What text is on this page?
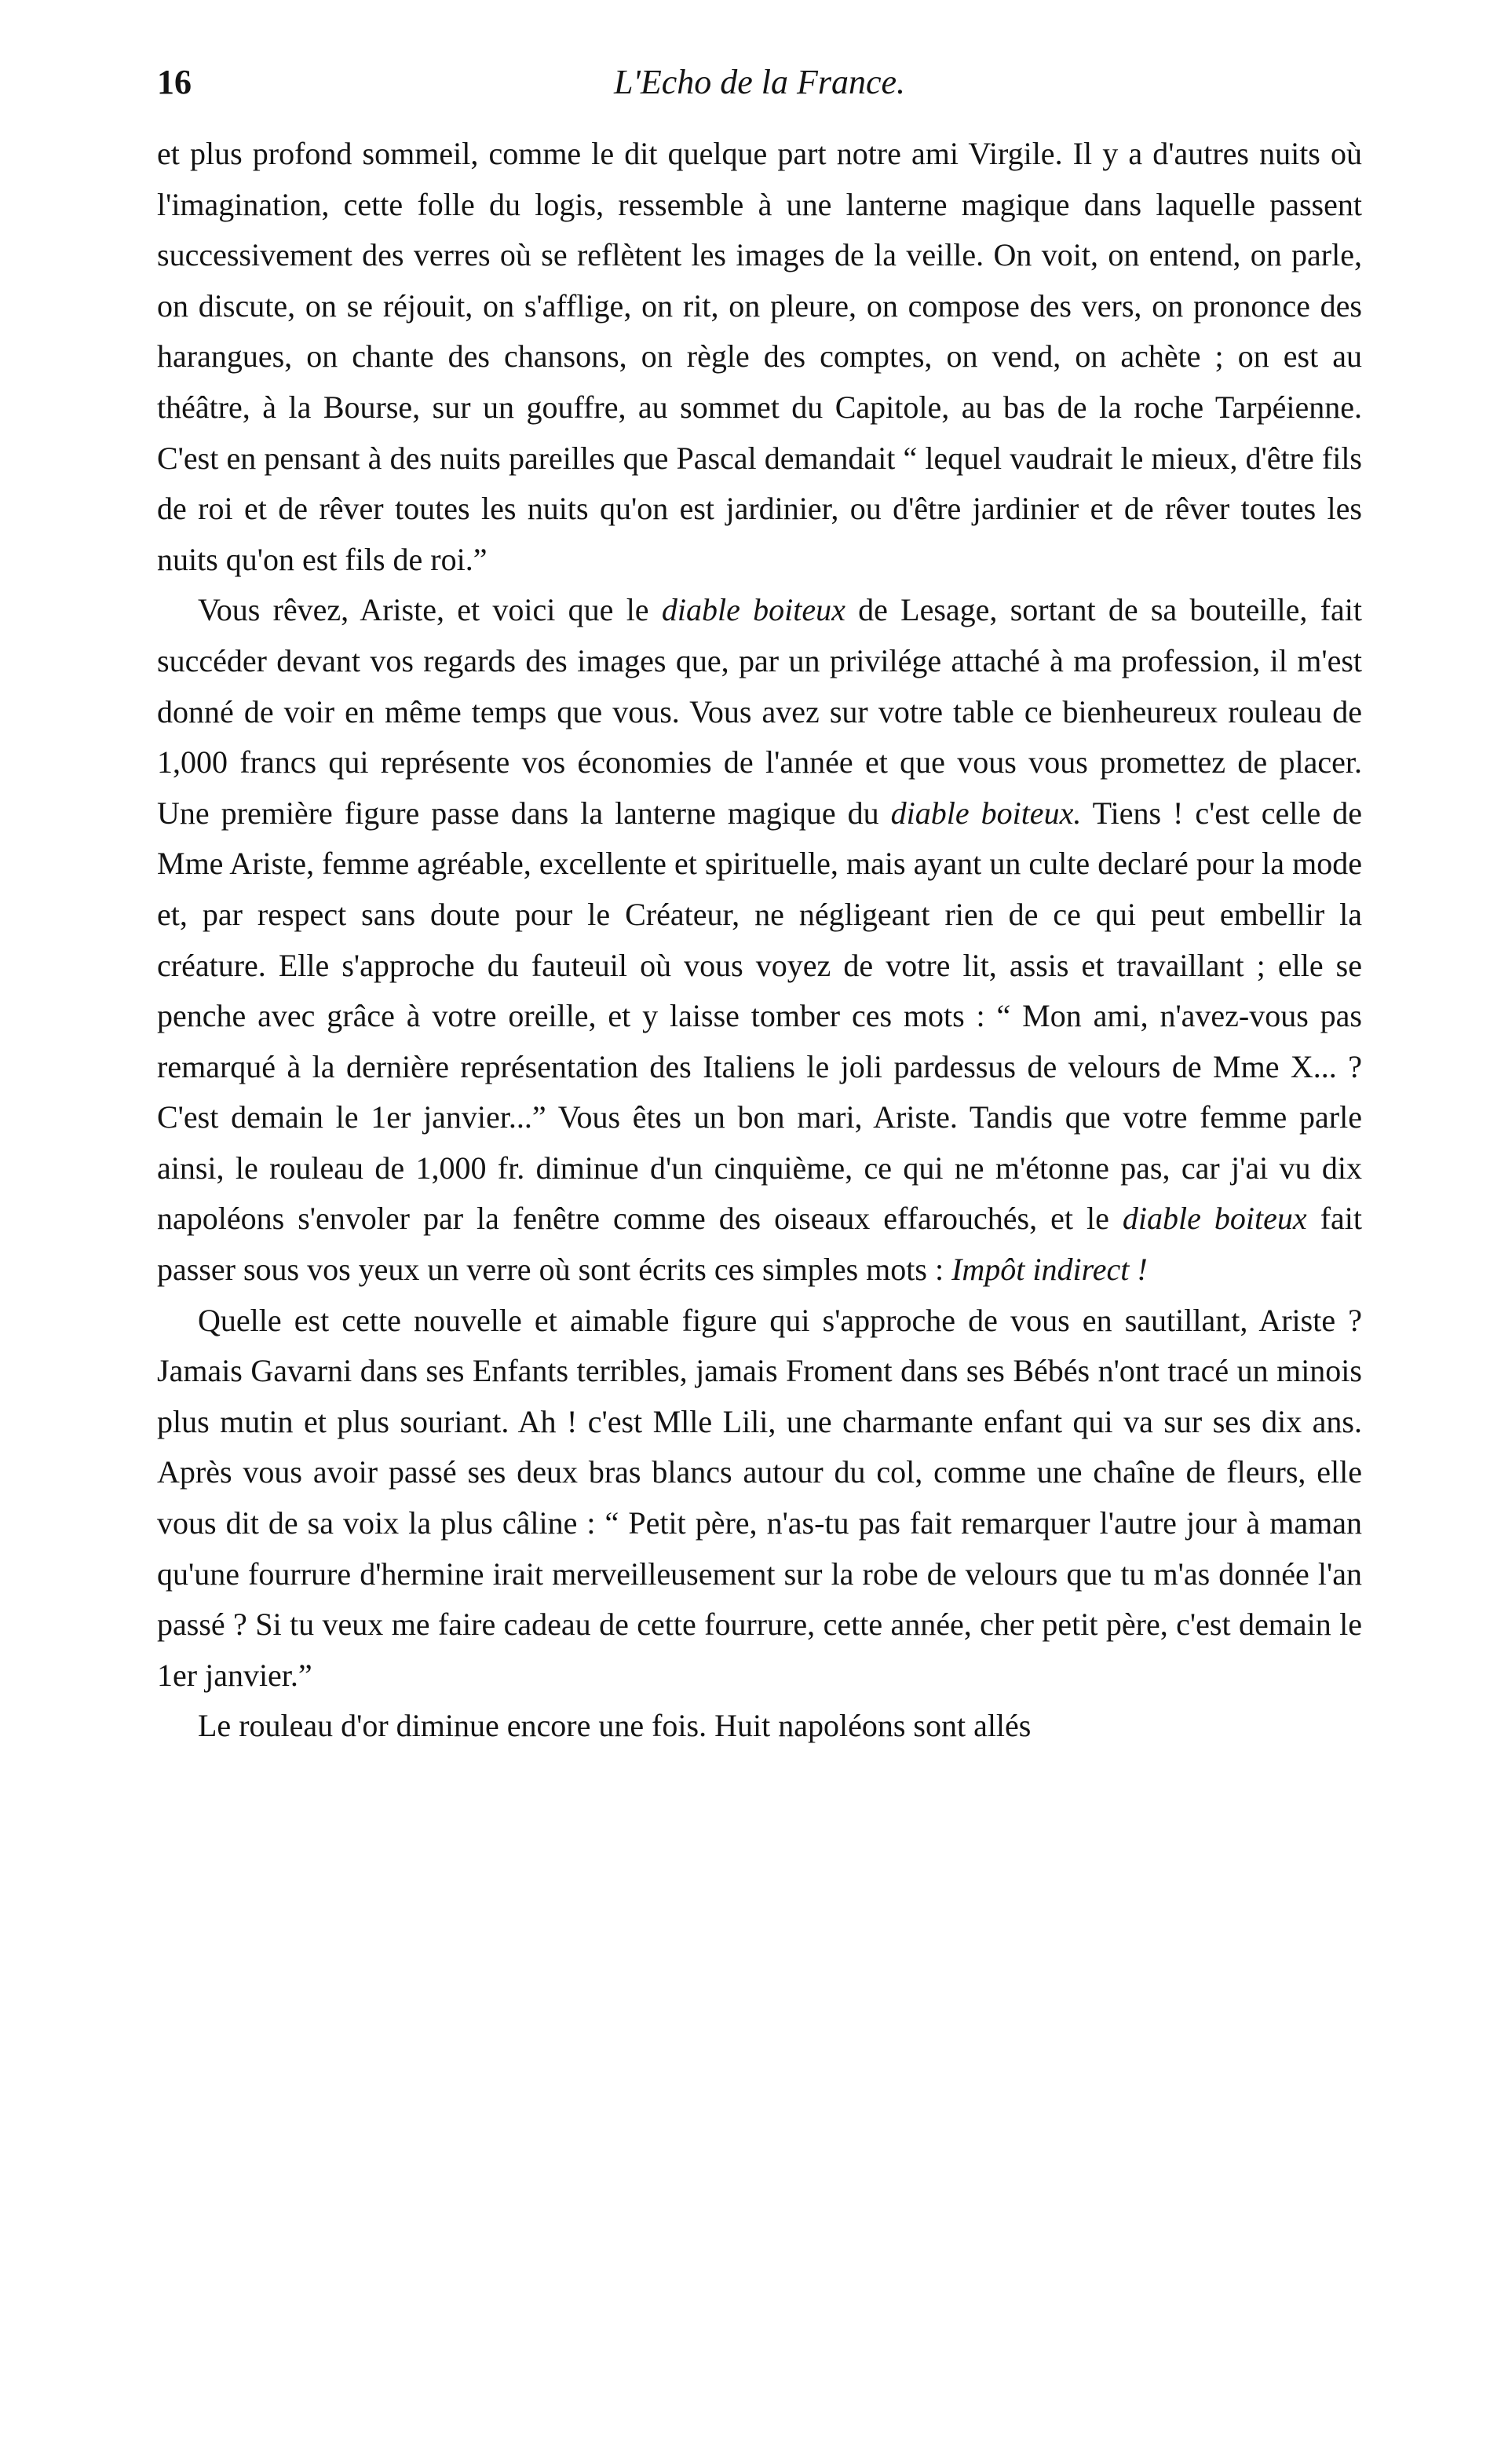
16	L'Echo de la France.

et plus profond sommeil, comme le dit quelque part notre ami Virgile. Il y a d'autres nuits où l'imagination, cette folle du logis, ressemble à une lanterne magique dans laquelle passent successivement des verres où se reflètent les images de la veille. On voit, on entend, on parle, on discute, on se réjouit, on s'afflige, on rit, on pleure, on compose des vers, on prononce des harangues, on chante des chansons, on règle des comptes, on vend, on achète ; on est au théâtre, à la Bourse, sur un gouffre, au sommet du Capitole, au bas de la roche Tarpéienne. C'est en pensant à des nuits pareilles que Pascal demandait “ lequel vaudrait le mieux, d'être fils de roi et de rêver toutes les nuits qu'on est jardinier, ou d'être jardinier et de rêver toutes les nuits qu'on est fils de roi.”

Vous rêvez, Ariste, et voici que le diable boiteux de Lesage, sortant de sa bouteille, fait succéder devant vos regards des images que, par un privilége attaché à ma profession, il m'est donné de voir en même temps que vous. Vous avez sur votre table ce bienheureux rouleau de 1,000 francs qui représente vos économies de l'année et que vous vous promettez de placer. Une première figure passe dans la lanterne magique du diable boiteux. Tiens ! c'est celle de Mme Ariste, femme agréable, excellente et spirituelle, mais ayant un culte declaré pour la mode et, par respect sans doute pour le Créateur, ne négligeant rien de ce qui peut embellir la créature. Elle s'approche du fauteuil où vous voyez de votre lit, assis et travaillant ; elle se penche avec grâce à votre oreille, et y laisse tomber ces mots : “ Mon ami, n'avez-vous pas remarqué à la dernière représentation des Italiens le joli pardessus de velours de Mme X... ? C'est demain le 1er janvier...” Vous êtes un bon mari, Ariste. Tandis que votre femme parle ainsi, le rouleau de 1,000 fr. diminue d'un cinquième, ce qui ne m'étonne pas, car j'ai vu dix napoléons s'envoler par la fenêtre comme des oiseaux effarouchés, et le diable boiteux fait passer sous vos yeux un verre où sont écrits ces simples mots : Impôt indirect !

Quelle est cette nouvelle et aimable figure qui s'approche de vous en sautillant, Ariste ? Jamais Gavarni dans ses Enfants terribles, jamais Froment dans ses Bébés n'ont tracé un minois plus mutin et plus souriant. Ah ! c'est Mlle Lili, une charmante enfant qui va sur ses dix ans. Après vous avoir passé ses deux bras blancs autour du col, comme une chaîne de fleurs, elle vous dit de sa voix la plus câline : “ Petit père, n'as-tu pas fait remarquer l'autre jour à maman qu'une fourrure d'hermine irait merveilleusement sur la robe de velours que tu m'as donnée l'an passé ? Si tu veux me faire cadeau de cette fourrure, cette année, cher petit père, c'est demain le 1er janvier.”

Le rouleau d'or diminue encore une fois. Huit napoléons sont allés
